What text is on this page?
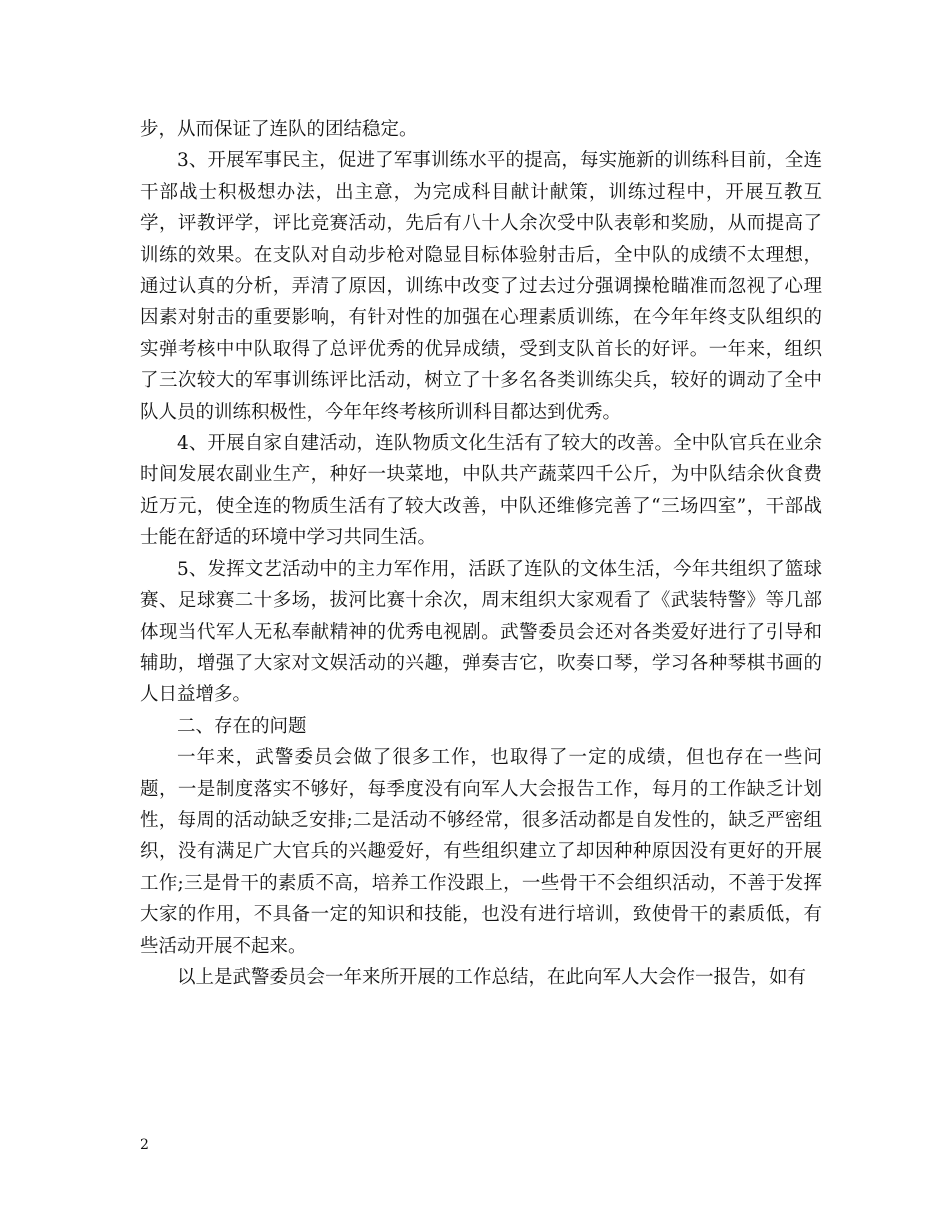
步，从而保证了连队的团结稳定。

3、开展军事民主，促进了军事训练水平的提高，每实施新的训练科目前，全连干部战士积极想办法，出主意，为完成科目献计献策，训练过程中，开展互教互学，评教评学，评比竞赛活动，先后有八十人余次受中队表彰和奖励，从而提高了训练的效果。在支队对自动步枪对隐显目标体验射击后，全中队的成绩不太理想，通过认真的分析，弄清了原因，训练中改变了过去过分强调操枪瞄准而忽视了心理因素对射击的重要影响，有针对性的加强在心理素质训练，在今年年终支队组织的实弹考核中中队取得了总评优秀的优异成绩，受到支队首长的好评。一年来，组织了三次较大的军事训练评比活动，树立了十多名各类训练尖兵，较好的调动了全中队人员的训练积极性，今年年终考核所训科目都达到优秀。

4、开展自家自建活动，连队物质文化生活有了较大的改善。全中队官兵在业余时间发展农副业生产，种好一块菜地，中队共产蔬菜四千公斤，为中队结余伙食费近万元，使全连的物质生活有了较大改善，中队还维修完善了“三场四室”，干部战士能在舒适的环境中学习共同生活。

5、发挥文艺活动中的主力军作用，活跃了连队的文体生活，今年共组织了篮球赛、足球赛二十多场，拔河比赛十余次，周末组织大家观看了《武装特警》等几部体现当代军人无私奉献精神的优秀电视剧。武警委员会还对各类爱好进行了引导和辅助，增强了大家对文娱活动的兴趣，弹奏吉它，吹奏口琴，学习各种琴棋书画的人日益增多。

二、存在的问题

一年来，武警委员会做了很多工作，也取得了一定的成绩，但也存在一些问题，一是制度落实不够好，每季度没有向军人大会报告工作，每月的工作缺乏计划性，每周的活动缺乏安排;二是活动不够经常，很多活动都是自发性的，缺乏严密组织，没有满足广大官兵的兴趣爱好，有些组织建立了却因种种原因没有更好的开展工作;三是骨干的素质不高，培养工作没跟上，一些骨干不会组织活动，不善于发挥大家的作用，不具备一定的知识和技能，也没有进行培训，致使骨干的素质低，有些活动开展不起来。

以上是武警委员会一年来所开展的工作总结，在此向军人大会作一报告，如有

2
